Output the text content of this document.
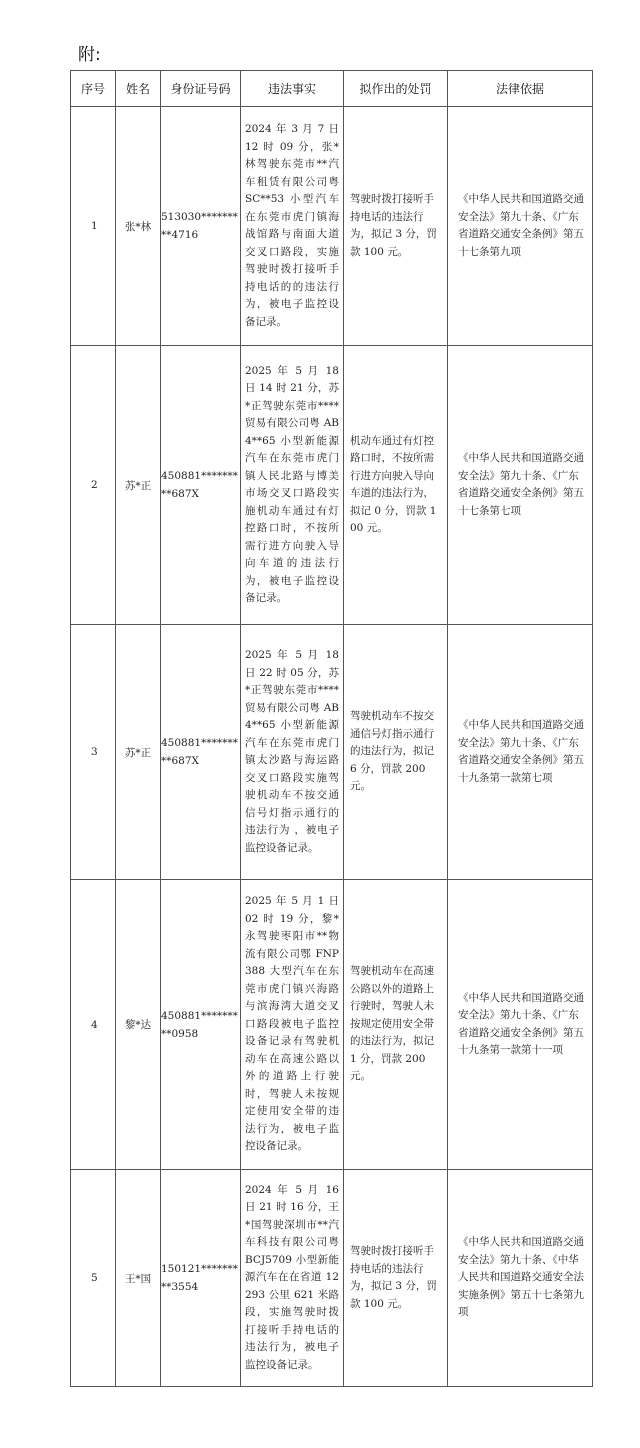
附:
序号	姓名	身份证号码	违法事实	拟作出的处罚	法律依据

1	张*林	513030*********4716	2024 年 3 月 7 日 12 时 09 分，张*林驾驶东莞市**汽车租赁有限公司粤 SC**53 小型汽车在东莞市虎门镇海战馆路与南面大道交叉口路段，实施驾驶时拨打接听手持电话的的违法行为，被电子监控设备记录。	驾驶时拨打接听手持电话的违法行为，拟记 3 分，罚款 100 元。	《中华人民共和国道路交通安全法》第九十条、《广东省道路交通安全条例》第五十七条第九项

2	苏*正	450881*********687X	2025 年 5 月 18 日 14 时 21 分，苏*正驾驶东莞市****贸易有限公司粤 AB4**65 小型新能源汽车在东莞市虎门镇人民北路与博美市场交叉口路段实施机动车通过有灯控路口时，不按所需行进方向驶入导向车道的违法行为，被电子监控设备记录。	机动车通过有灯控路口时，不按所需行进方向驶入导向车道的违法行为，拟记 0 分，罚款 100 元。	《中华人民共和国道路交通安全法》第九十条、《广东省道路交通安全条例》第五十七条第七项

3	苏*正	450881*********687X	2025 年 5 月 18 日 22 时 05 分，苏*正驾驶东莞市****贸易有限公司粤 AB4**65 小型新能源汽车在东莞市虎门镇太沙路与海运路交叉口路段实施驾驶机动车不按交通信号灯指示通行的违法行为 ，被电子监控设备记录。	驾驶机动车不按交通信号灯指示通行的违法行为，拟记 6 分，罚款 200 元。	《中华人民共和国道路交通安全法》第九十条、《广东省道路交通安全条例》第五十九条第一款第七项

4	黎*达	450881*********0958	2025 年 5 月 1 日 02 时 19 分，黎*永驾驶枣阳市**物流有限公司鄂 FNP388 大型汽车在东莞市虎门镇兴海路与滨海湾大道交叉口路段被电子监控设备记录有驾驶机动车在高速公路以外的道路上行驶时，驾驶人未按规定使用安全带的违法行为，被电子监控设备记录。	驾驶机动车在高速公路以外的道路上行驶时，驾驶人未按规定使用安全带的违法行为，拟记 1 分，罚款 200 元。	《中华人民共和国道路交通安全法》第九十条、《广东省道路交通安全条例》第五十九条第一款第十一项

5	王*国	150121*********3554	2024 年 5 月 16 日 21 时 16 分，王*国驾驶深圳市**汽车科技有限公司粤 BCJ5709 小型新能源汽车在在省道 12293 公里 621 米路段，实施驾驶时拨打接听手持电话的违法行为，被电子监控设备记录。	驾驶时拨打接听手持电话的违法行为，拟记 3 分，罚款 100 元。	《中华人民共和国道路交通安全法》第九十条、《中华人民共和国道路交通安全法实施条例》第五十七条第九项
